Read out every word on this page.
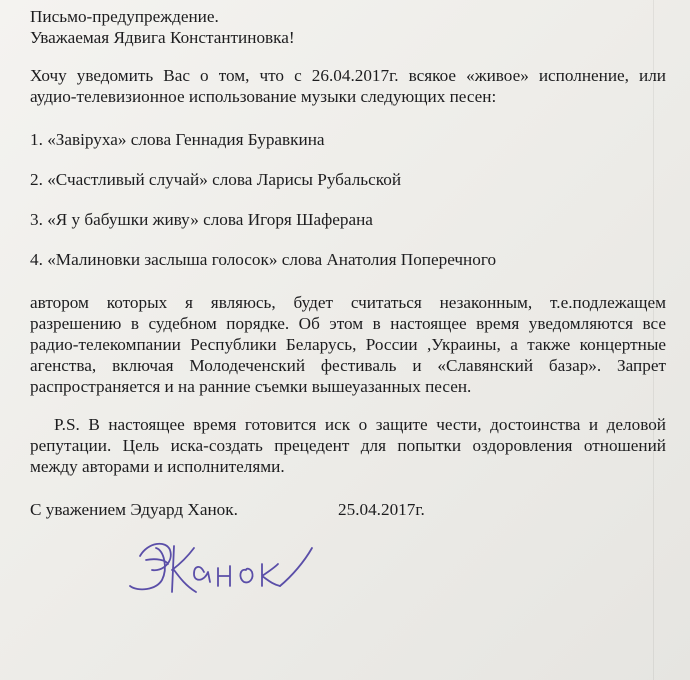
Письмо-предупреждение.

Уважаемая Ядвига Константиновка!

Хочу уведомить Вас о том, что с 26.04.2017г. всякое «живое» исполнение, или

аудио-телевизионное использование музыки следующих песен:

1. «Завiруха» слова Геннадия Буравкина

2. «Счастливый случай» слова Ларисы Рубальской

3. «Я у бабушки живу» слова Игоря Шаферана

4. «Малиновки заслыша голосок» слова Анатолия Поперечного

автором которых я являюсь, будет считаться незаконным, т.е.подлежащем

разрешению в судебном порядке. Об этом в настоящее время уведомляются все

радио-телекомпании Республики Беларусь, России ,Украины, а также концертные

агенства, включая Молодеченский фестиваль и «Славянский базар». Запрет

распространяется и на ранние съемки вышеуазанных песен.

P.S. В настоящее время готовится иск о защите чести, достоинства и деловой

репутации. Цель иска-создать прецедент для попытки оздоровления отношений

между авторами и исполнителями.

С уважением Эдуард Ханок.	25.04.2017г.
